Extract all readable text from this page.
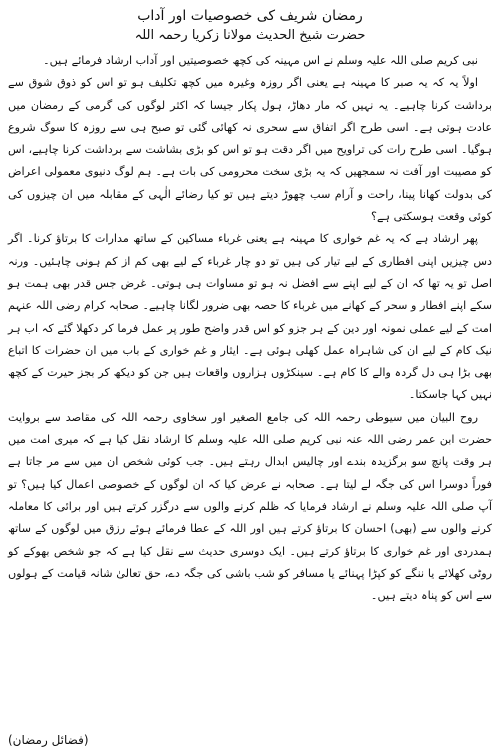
رمضان شریف کی خصوصیات اور آداب
حضرت شیخ الحدیث مولانا زکریا رحمہ اللہ

نبی کریم صلی اللہ علیہ وسلم نے اس مہینہ کی کچھ خصوصیتیں اور آداب ارشاد فرمائے ہیں۔

اولاً یہ کہ یہ صبر کا مہینہ ہے یعنی اگر روزہ وغیرہ میں کچھ تکلیف ہو تو اس کو ذوق شوق سے برداشت کرنا چاہیے۔ یہ نہیں کہ مار دھاڑ، ہول پکار جیسا کہ اکثر لوگوں کی گرمی کے رمضان میں عادت ہوتی ہے۔ اسی طرح اگر اتفاق سے سحری نہ کھائی گئی تو صبح ہی سے روزہ کا سوگ شروع ہوگیا۔ اسی طرح رات کی تراویح میں اگر دقت ہو تو اس کو بڑی بشاشت سے برداشت کرنا چاہیے، اس کو مصیبت اور آفت نہ سمجھیں کہ یہ بڑی سخت محرومی کی بات ہے۔ ہم لوگ دنیوی معمولی اعراض کی بدولت کھانا پینا، راحت و آرام سب چھوڑ دیتے ہیں تو کیا رضائے الٰہی کے مقابلہ میں ان چیزوں کی کوئی وقعت ہوسکتی ہے؟

پھر ارشاد ہے کہ یہ غم خواری کا مہینہ ہے یعنی غرباء مساکین کے ساتھ مدارات کا برتاؤ کرنا۔ اگر دس چیزیں اپنی افطاری کے لیے تیار کی ہیں تو دو چار غرباء کے لیے بھی کم از کم ہونی چاہئیں۔ ورنہ اصل تو یہ تھا کہ ان کے لیے اپنے سے افضل نہ ہو تو مساوات ہی ہوتی۔ غرض جس قدر بھی ہمت ہو سکے اپنے افطار و سحر کے کھانے میں غرباء کا حصہ بھی ضرور لگانا چاہیے۔ صحابہ کرام رضی اللہ عنہم امت کے لیے عملی نمونہ اور دین کے ہر جزو کو اس قدر واضح طور پر عمل فرما کر دکھلا گئے کہ اب ہر نیک کام کے لیے ان کی شاہراہ عمل کھلی ہوئی ہے۔ ایثار و غم خواری کے باب میں ان حضرات کا اتباع بھی بڑا ہی دل گردہ والے کا کام ہے۔ سینکڑوں ہزاروں واقعات ہیں جن کو دیکھ کر بجز حیرت کے کچھ نہیں کہا جاسکتا۔

روح البیان میں سیوطی رحمہ اللہ کی جامع الصغیر اور سخاوی رحمہ اللہ کی مقاصد سے بروایت حضرت ابن عمر رضی اللہ عنہ نبی کریم صلی اللہ علیہ وسلم کا ارشاد نقل کیا ہے کہ میری امت میں ہر وقت پانچ سو برگزیدہ بندے اور چالیس ابدال رہتے ہیں۔ جب کوئی شخص ان میں سے مر جاتا ہے فوراً دوسرا اس کی جگہ لے لیتا ہے۔ صحابہ نے عرض کیا کہ ان لوگوں کے خصوصی اعمال کیا ہیں؟ تو آپ صلی اللہ علیہ وسلم نے ارشاد فرمایا کہ ظلم کرنے والوں سے درگزر کرتے ہیں اور برائی کا معاملہ کرنے والوں سے (بھی) احسان کا برتاؤ کرتے ہیں اور اللہ کے عطا فرمائے ہوئے رزق میں لوگوں کے ساتھ ہمدردی اور غم خواری کا برتاؤ کرتے ہیں۔ ایک دوسری حدیث سے نقل کیا ہے کہ جو شخص بھوکے کو روٹی کھلائے یا ننگے کو کپڑا پہنائے یا مسافر کو شب باشی کی جگہ دے، حق تعالیٰ شانہ قیامت کے ہولوں سے اس کو پناہ دیتے ہیں۔

(فضائل رمضان)
